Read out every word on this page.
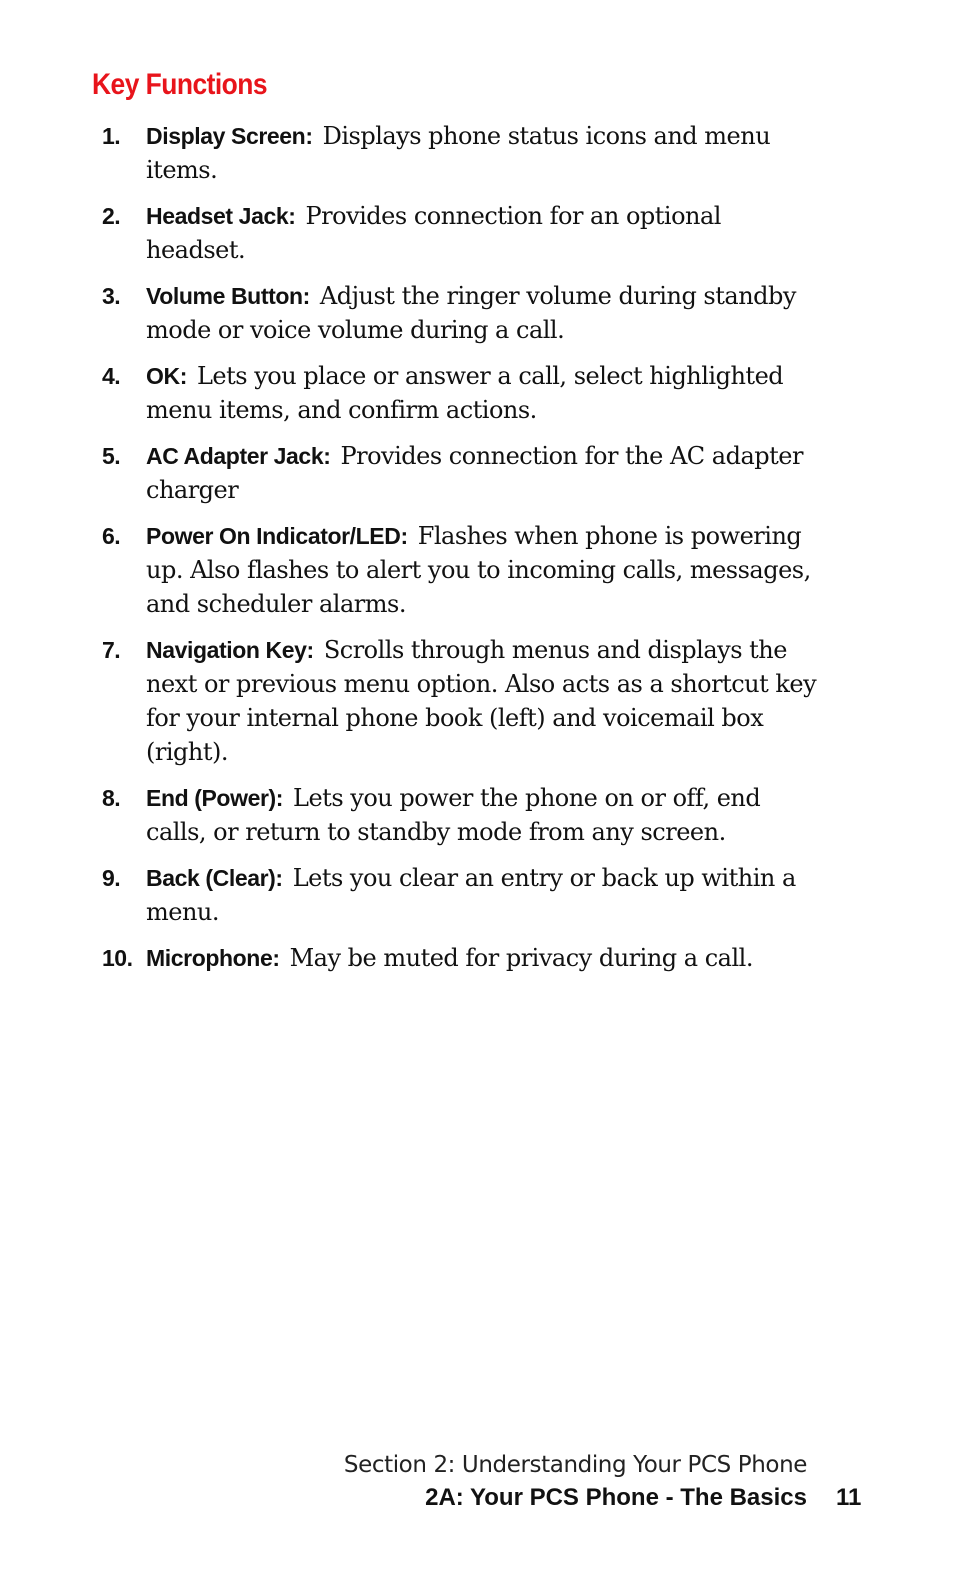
Key Functions
1. Display Screen: Displays phone status icons and menu items.
2. Headset Jack: Provides connection for an optional headset.
3. Volume Button: Adjust the ringer volume during standby mode or voice volume during a call.
4. OK: Lets you place or answer a call, select highlighted menu items, and confirm actions.
5. AC Adapter Jack: Provides connection for the AC adapter charger
6. Power On Indicator/LED: Flashes when phone is powering up. Also flashes to alert you to incoming calls, messages, and scheduler alarms.
7. Navigation Key: Scrolls through menus and displays the next or previous menu option. Also acts as a shortcut key for your internal phone book (left) and voicemail box (right).
8. End (Power): Lets you power the phone on or off, end calls, or return to standby mode from any screen.
9. Back (Clear): Lets you clear an entry or back up within a menu.
10. Microphone: May be muted for privacy during a call.
Section 2: Understanding Your PCS Phone
2A: Your PCS Phone - The Basics 11
